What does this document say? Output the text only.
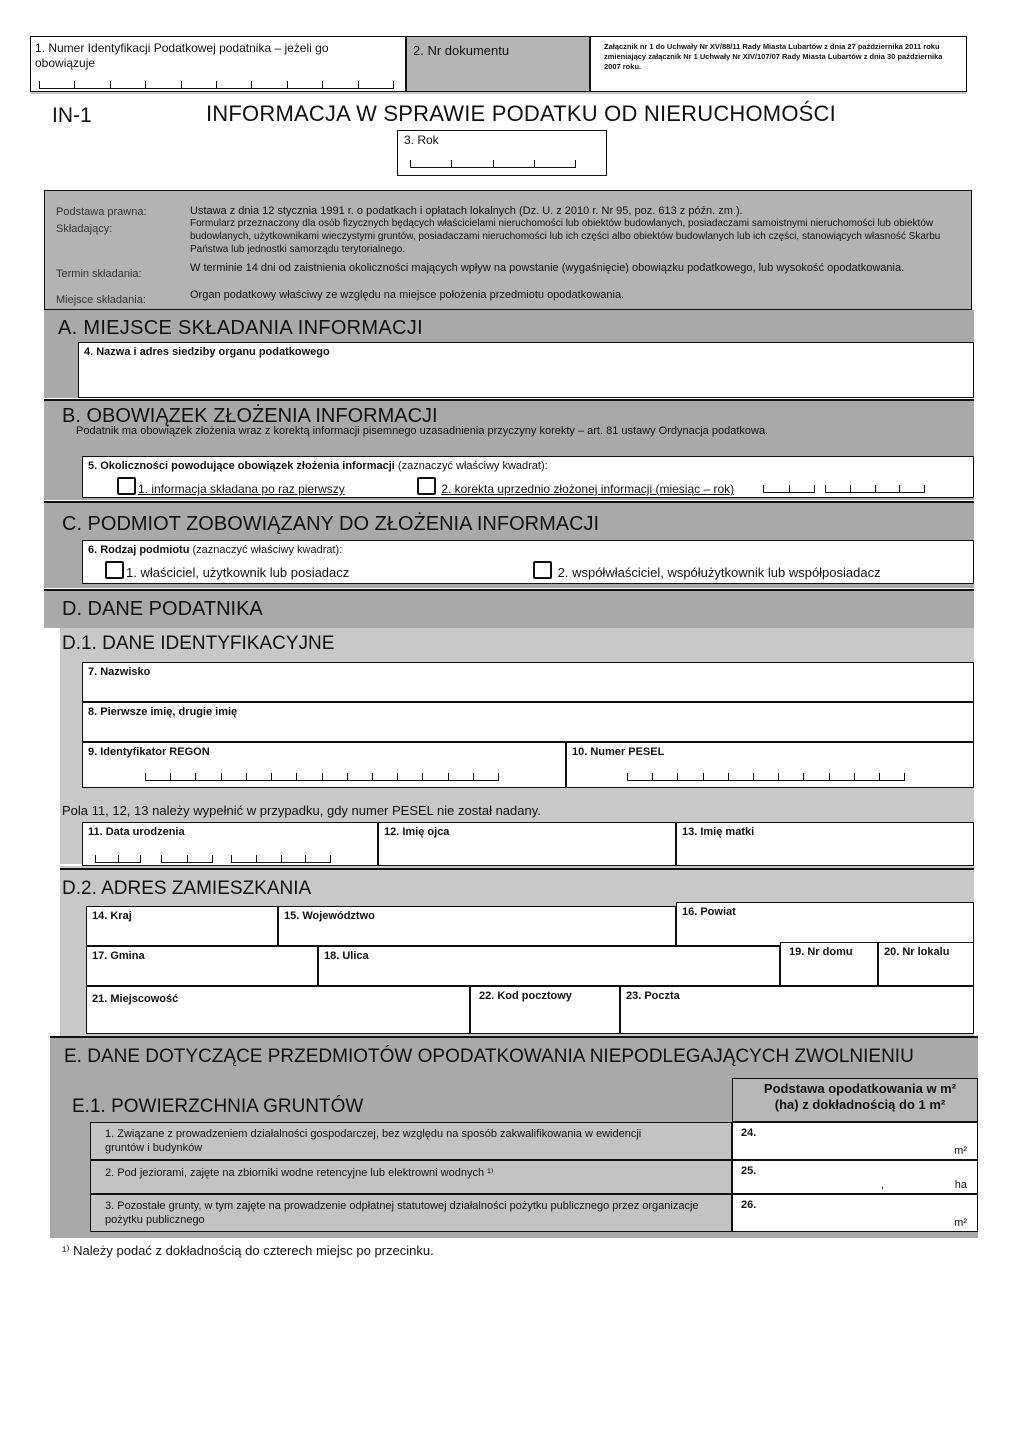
1. Numer Identyfikacji Podatkowej podatnika – jeżeli go obowiązuje
2. Nr dokumentu	Załącznik nr 1 do Uchwały Nr XV/88/11 Rady Miasta Lubartów z dnia 27 października 2011 roku zmieniający załącznik Nr 1 Uchwały Nr XIV/107/07 Rady Miasta Lubartów z dnia 30 października 2007 roku.
IN-1	INFORMACJA W SPRAWIE PODATKU OD NIERUCHOMOŚCI
3. Rok
Podstawa prawna:	Ustawa z dnia 12 stycznia 1991 r. o podatkach i opłatach lokalnych (Dz. U. z 2010 r. Nr 95, poz. 613 z późn. zm.).
Składający:	Formularz przeznaczony dla osób fizycznych będących właścicielami nieruchomości lub obiektów budowlanych, posiadaczami samoistnymi nieruchomości lub obiektów budowlanych, użytkownikami wieczystymi gruntów, posiadaczami nieruchomości lub ich części albo obiektów budowlanych lub ich części, stanowiących własność Skarbu Państwa lub jednostki samorządu terytorialnego.
Termin składania:	W terminie 14 dni od zaistnienia okoliczności mających wpływ na powstanie (wygaśnięcie) obowiązku podatkowego, lub wysokość opodatkowania.
Miejsce składania:	Organ podatkowy właściwy ze względu na miejsce położenia przedmiotu opodatkowania.
A. MIEJSCE SKŁADANIA INFORMACJI
4. Nazwa i adres siedziby organu podatkowego
B. OBOWIĄZEK ZŁOŻENIA INFORMACJI
Podatnik ma obowiązek złożenia wraz z korektą informacji pisemnego uzasadnienia przyczyny korekty – art. 81 ustawy Ordynacja podatkowa.
5. Okoliczności powodujące obowiązek złożenia informacji (zaznaczyć właściwy kwadrat):
1. informacja składana po raz pierwszy	2. korekta uprzednio złożonej informacji (miesiąc – rok)
C. PODMIOT ZOBOWIĄZANY DO ZŁOŻENIA INFORMACJI
6. Rodzaj podmiotu (zaznaczyć właściwy kwadrat):
1. właściciel, użytkownik lub posiadacz	2. współwłaściciel, współużytkownik lub współposiadacz
D. DANE PODATNIKA
D.1. DANE IDENTYFIKACYJNE
7. Nazwisko
8. Pierwsze imię, drugie imię
9. Identyfikator REGON	10. Numer PESEL
Pola 11, 12, 13 należy wypełnić w przypadku, gdy numer PESEL nie został nadany.
11. Data urodzenia	12. Imię ojca	13. Imię matki
D.2. ADRES ZAMIESZKANIA
14. Kraj	15. Województwo	16. Powiat
17. Gmina	18. Ulica	19. Nr domu	20. Nr lokalu
21. Miejscowość	22. Kod pocztowy	23. Poczta
E. DANE DOTYCZĄCE PRZEDMIOTÓW OPODATKOWANIA NIEPODLEGAJĄCYCH ZWOLNIENIU
E.1. POWIERZCHNIA GRUNTÓW
Podstawa opodatkowania w m² (ha) z dokładnością do 1 m²
1. Związane z prowadzeniem działalności gospodarczej, bez względu na sposób zakwalifikowania w ewidencji gruntów i budynków
24.
m²
2. Pod jeziorami, zajęte na zbiorniki wodne retencyjne lub elektrowni wodnych ¹⁾	25.
,	ha
3. Pozostałe grunty, w tym zajęte na prowadzenie odpłatnej statutowej działalności pożytku publicznego przez organizacje pożytku publicznego
26.
m²
¹⁾ Należy podać z dokładnością do czterech miejsc po przecinku.
